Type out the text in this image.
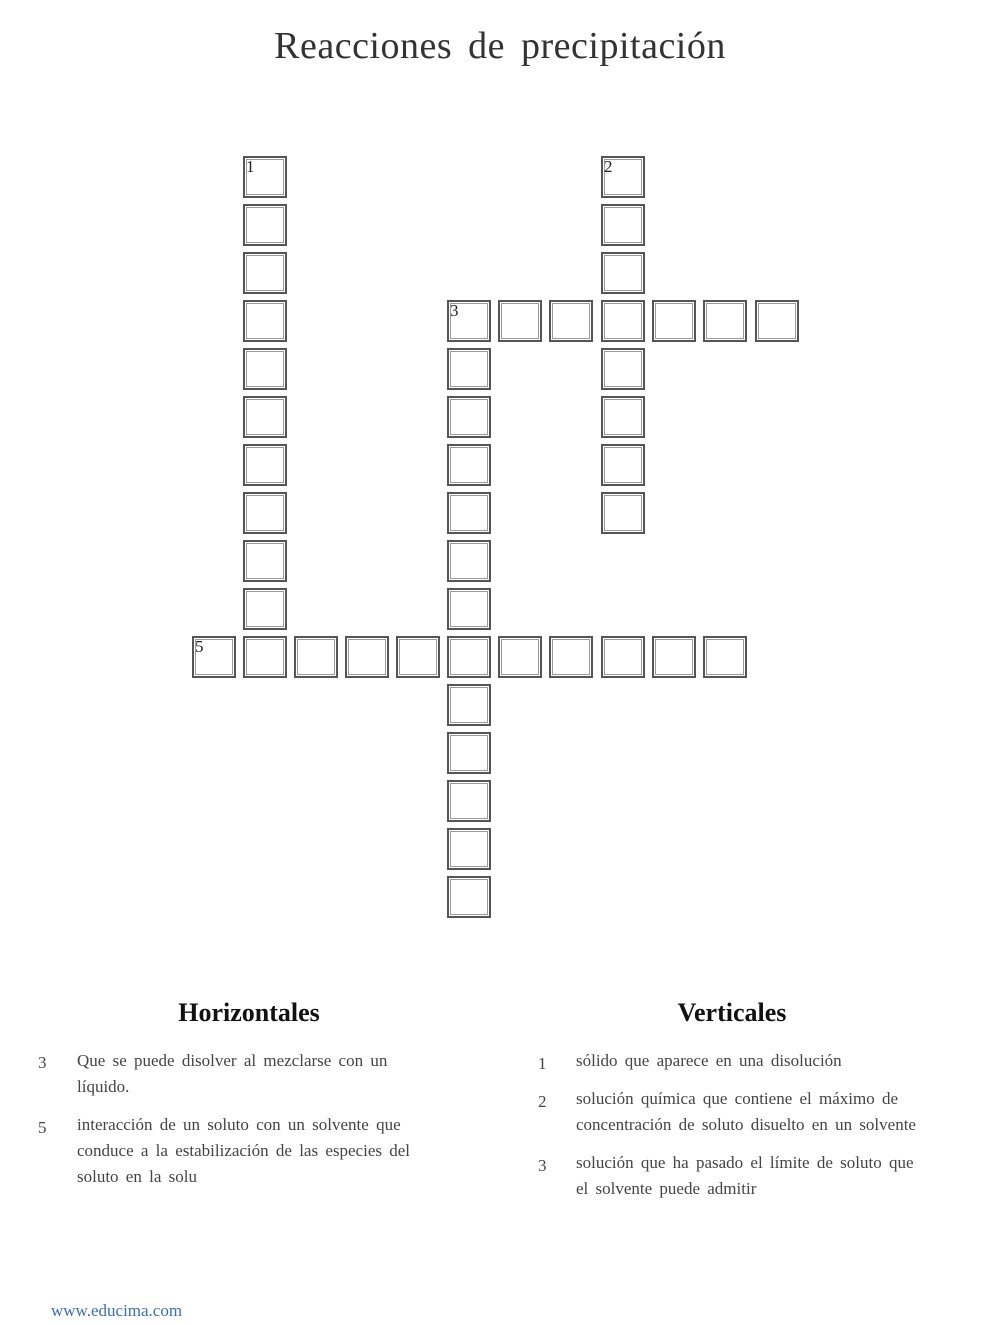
Reacciones de precipitación
1	2
3
5
Horizontales
3 Que se puede disolver al mezclarse con un
líquido.
5 interacción de un soluto con un solvente que
conduce a la estabilización de las especies del
soluto en la solu
Verticales
1 sólido que aparece en una disolución
2 solución química que contiene el máximo de
concentración de soluto disuelto en un solvente
3 solución que ha pasado el límite de soluto que
el solvente puede admitir
www.educima.com
